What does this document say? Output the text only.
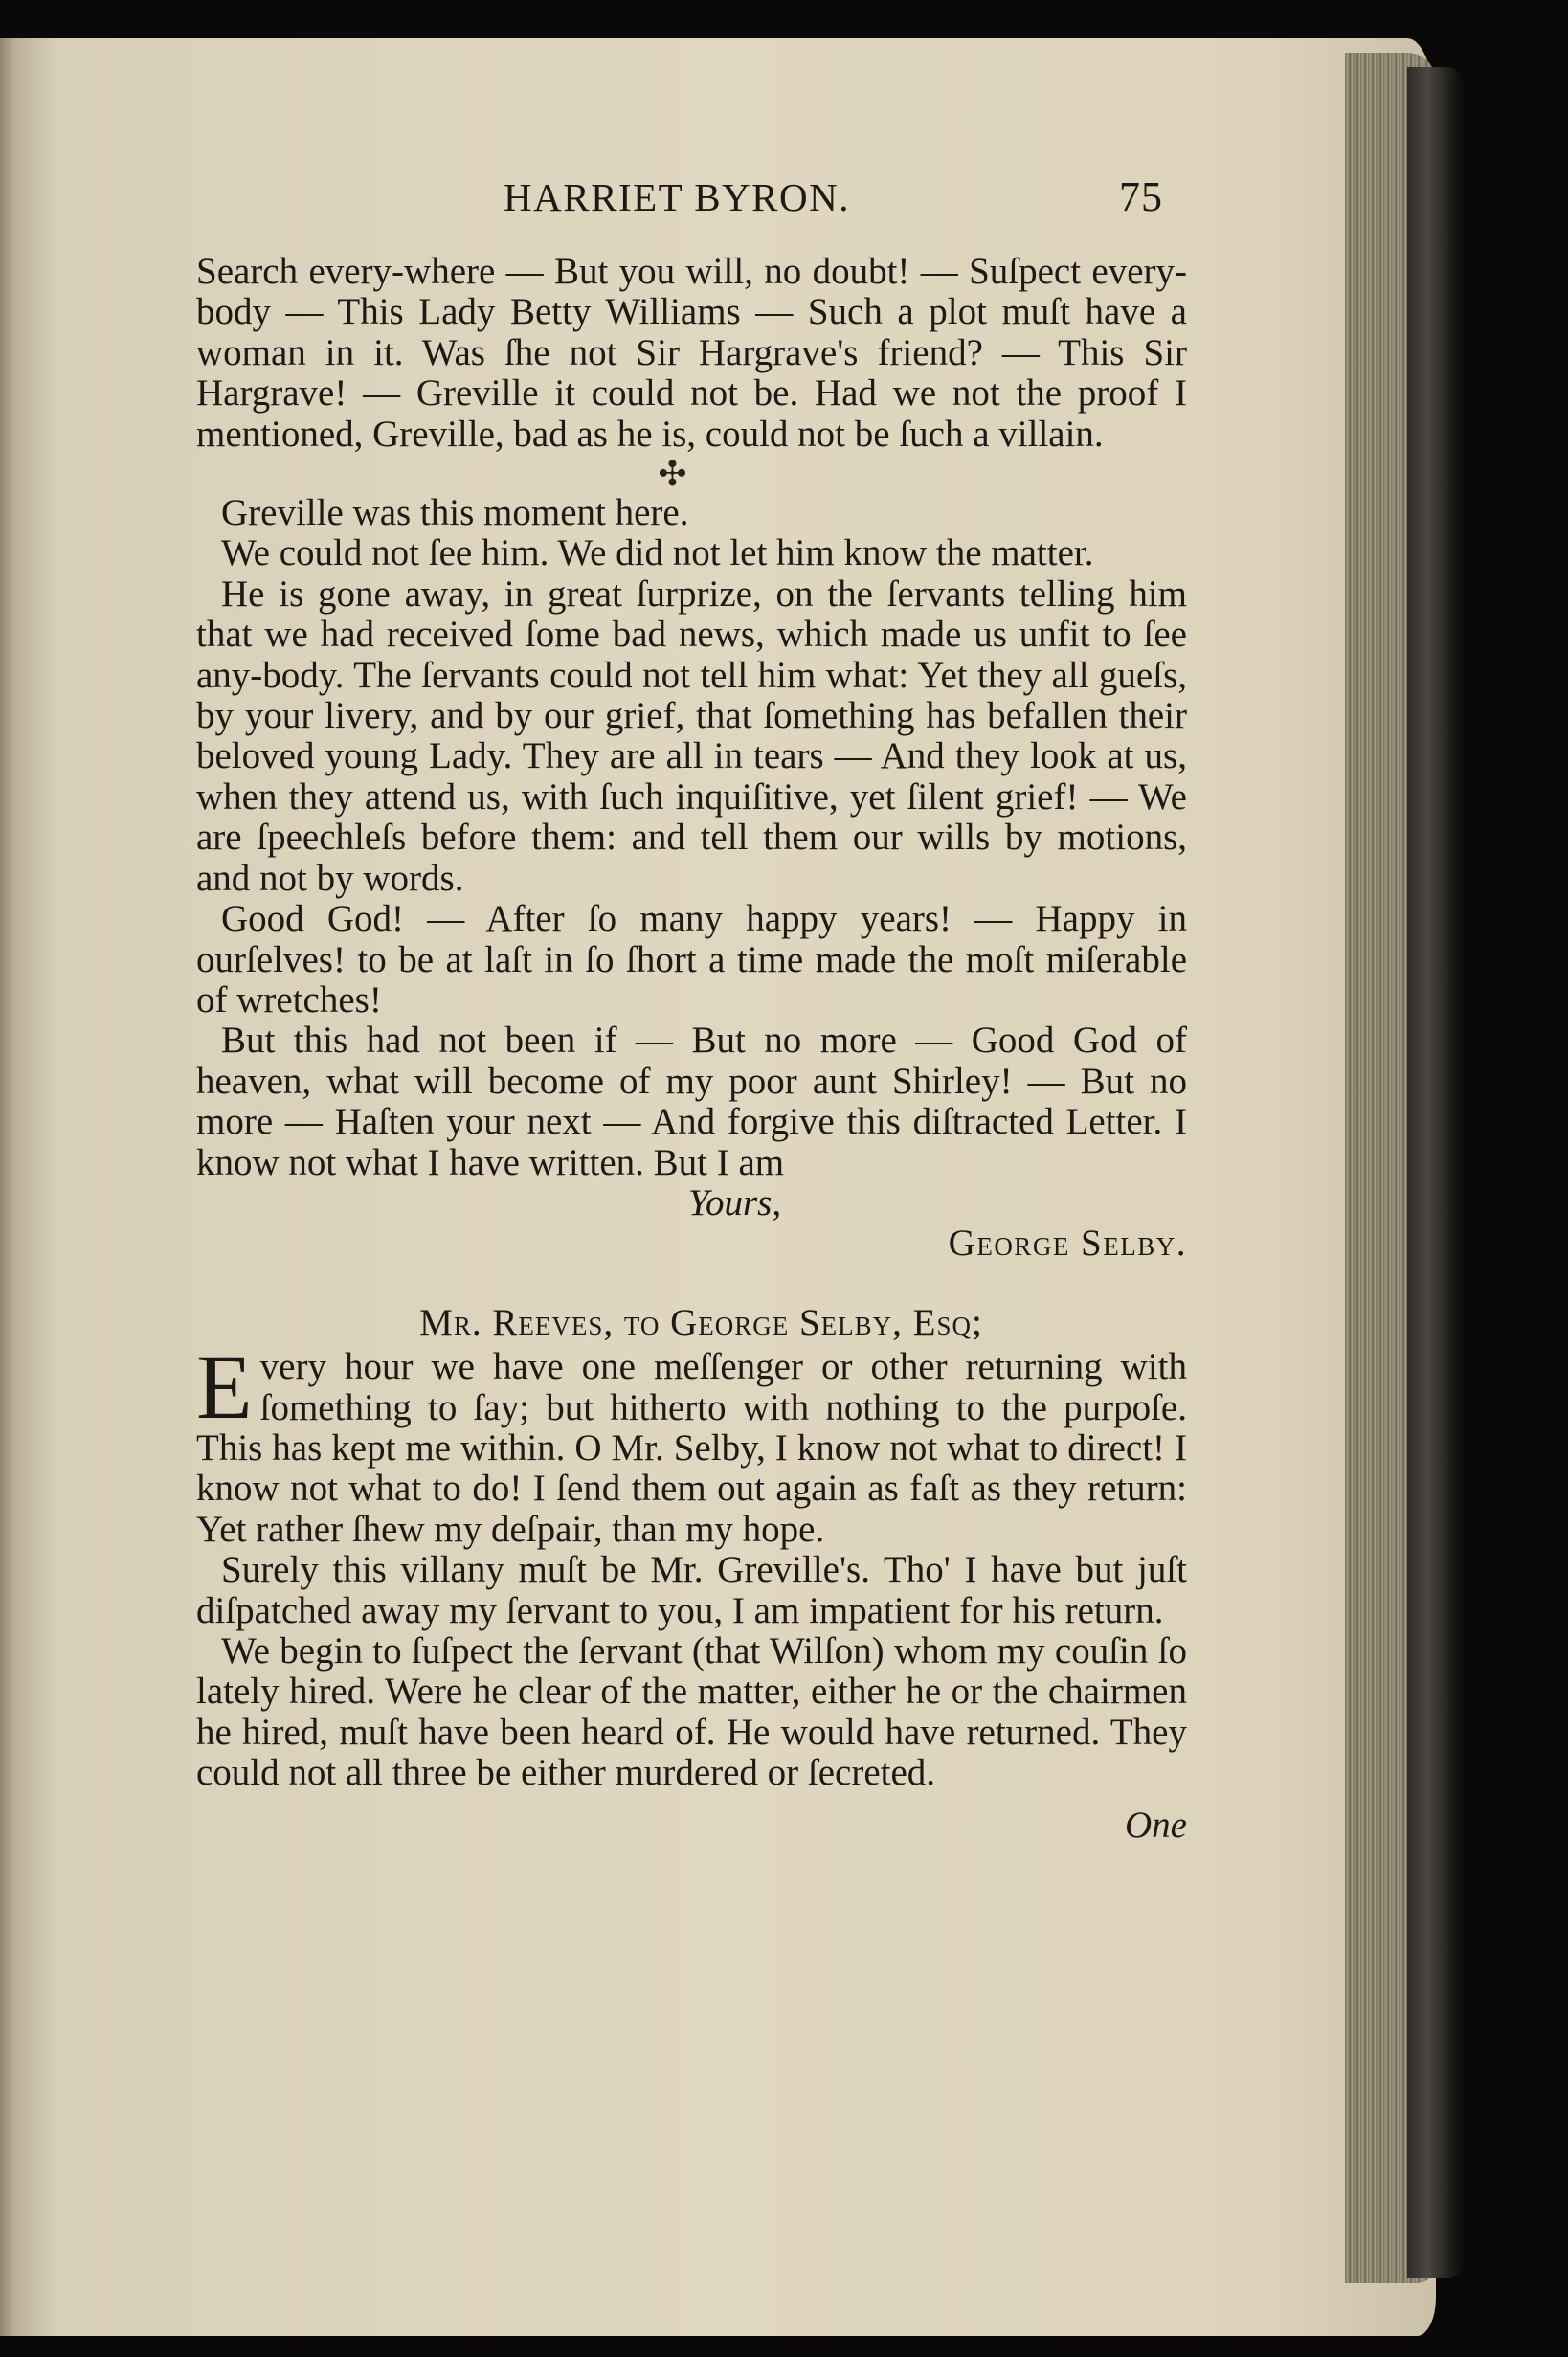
HARRIET BYRON.	75

Search every-where — But you will, no doubt! — Suſpect every-body — This Lady Betty Williams — Such a plot muſt have a woman in it. Was ſhe not Sir Hargrave's friend? — This Sir Hargrave! — Greville it could not be. Had we not the proof I mentioned, Greville, bad as he is, could not be ſuch a villain.

✣

Greville was this moment here.

We could not ſee him. We did not let him know the matter.

He is gone away, in great ſurprize, on the ſervants telling him that we had received ſome bad news, which made us unfit to ſee any-body. The ſervants could not tell him what: Yet they all gueſs, by your livery, and by our grief, that ſomething has befallen their beloved young Lady. They are all in tears — And they look at us, when they attend us, with ſuch inquiſitive, yet ſilent grief! — We are ſpeechleſs before them: and tell them our wills by motions, and not by words.

Good God! — After ſo many happy years! — Happy in ourſelves! to be at laſt in ſo ſhort a time made the moſt miſerable of wretches!

But this had not been if — But no more — Good God of heaven, what will become of my poor aunt Shirley! — But no more — Haſten your next — And forgive this diſtracted Letter. I know not what I have written. But I am

Yours,
George Selby.
Mr. Reeves, to George Selby, Eſq;

Every hour we have one meſſenger or other returning with ſomething to ſay; but hitherto with nothing to the purpoſe. This has kept me within. O Mr. Selby, I know not what to direct! I know not what to do! I ſend them out again as faſt as they return: Yet rather ſhew my deſpair, than my hope.

Surely this villany muſt be Mr. Greville's. Tho' I have but juſt diſpatched away my ſervant to you, I am impatient for his return.

We begin to ſuſpect the ſervant (that Wilſon) whom my couſin ſo lately hired. Were he clear of the matter, either he or the chairmen he hired, muſt have been heard of. He would have returned. They could not all three be either murdered or ſecreted.

One
